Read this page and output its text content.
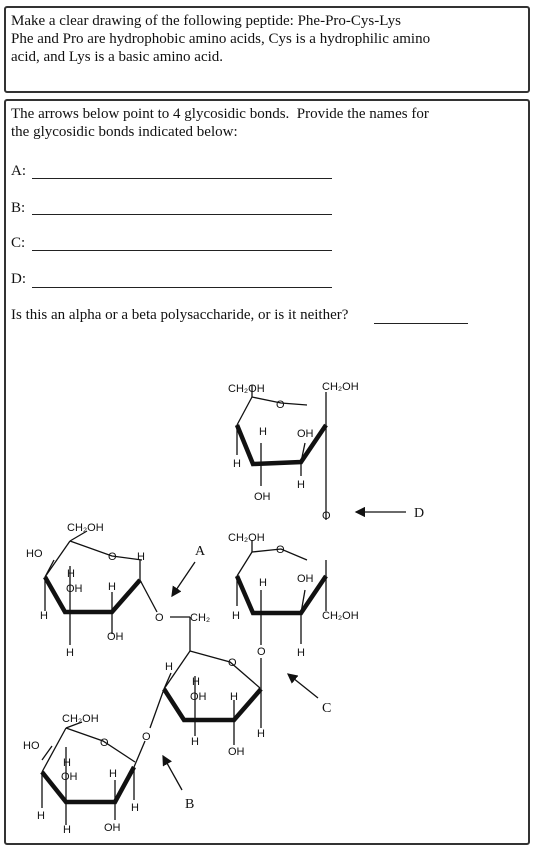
Make a clear drawing of the following peptide: Phe-Pro-Cys-Lys

Phe and Pro are hydrophobic amino acids, Cys is a hydrophilic amino

acid, and Lys is a basic amino acid.

The arrows below point to 4 glycosidic bonds.  Provide the names for

the glycosidic bonds indicated below:

A:
B:
C:
D:
Is this an alpha or a beta polysaccharide, or is it neither?
CH₂OH	CH₂OH
O
H	OH
H
H
OH
O
CH₂OH
O
H	OH
H	CH₂OH
O	H
CH₂OH
HO	O H
H
OH H
H	O CH₂
OH
H
H	O
H
OH H
H
H
OH
CH₂OH
HO	O	O
H
OH	H
H
H
H	OH
A
B
C
D
